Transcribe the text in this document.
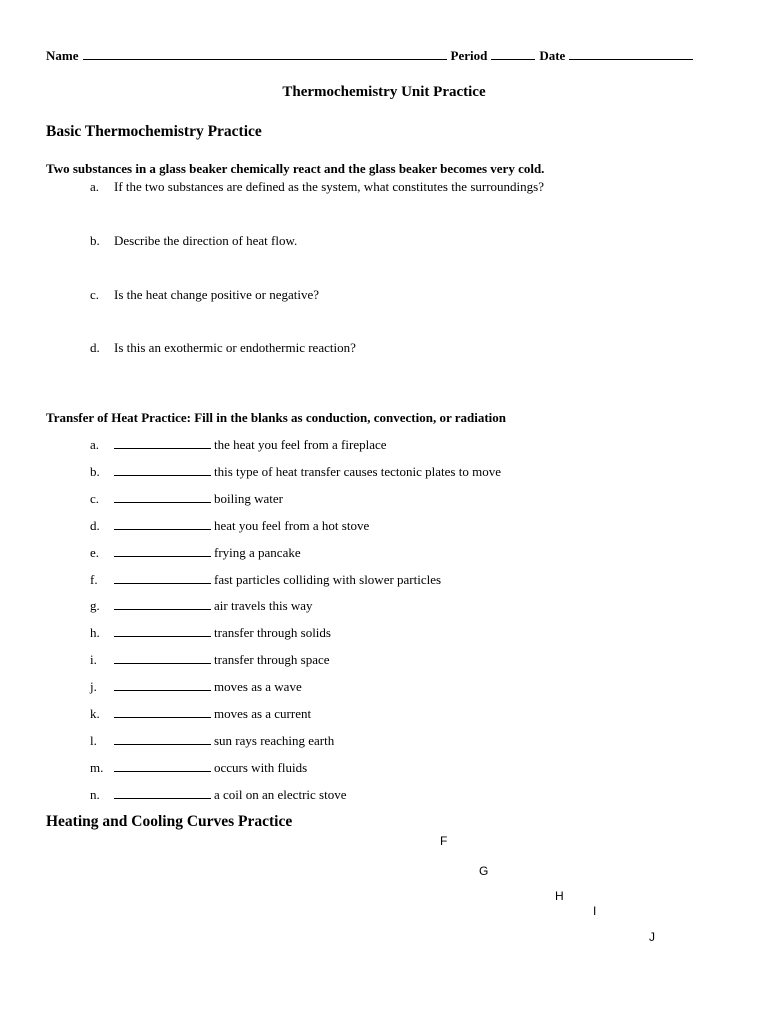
Name	Period	Date
Thermochemistry Unit Practice
Basic Thermochemistry Practice
Two substances in a glass beaker chemically react and the glass beaker becomes very cold.
a. If the two substances are defined as the system, what constitutes the surroundings?
b. Describe the direction of heat flow.
c. Is the heat change positive or negative?
d. Is this an exothermic or endothermic reaction?
Transfer of Heat Practice: Fill in the blanks as conduction, convection, or radiation
a.	the heat you feel from a fireplace
b.	this type of heat transfer causes tectonic plates to move
c.	boiling water
d.	heat you feel from a hot stove
e.	frying a pancake
f.	fast particles colliding with slower particles
g.	air travels this way
h.	transfer through solids
i.	transfer through space
j.	moves as a wave
k.	moves as a current
l.	sun rays reaching earth
m.	occurs with fluids
n.	a coil on an electric stove
Heating and Cooling Curves Practice
F
G
H
I
J
